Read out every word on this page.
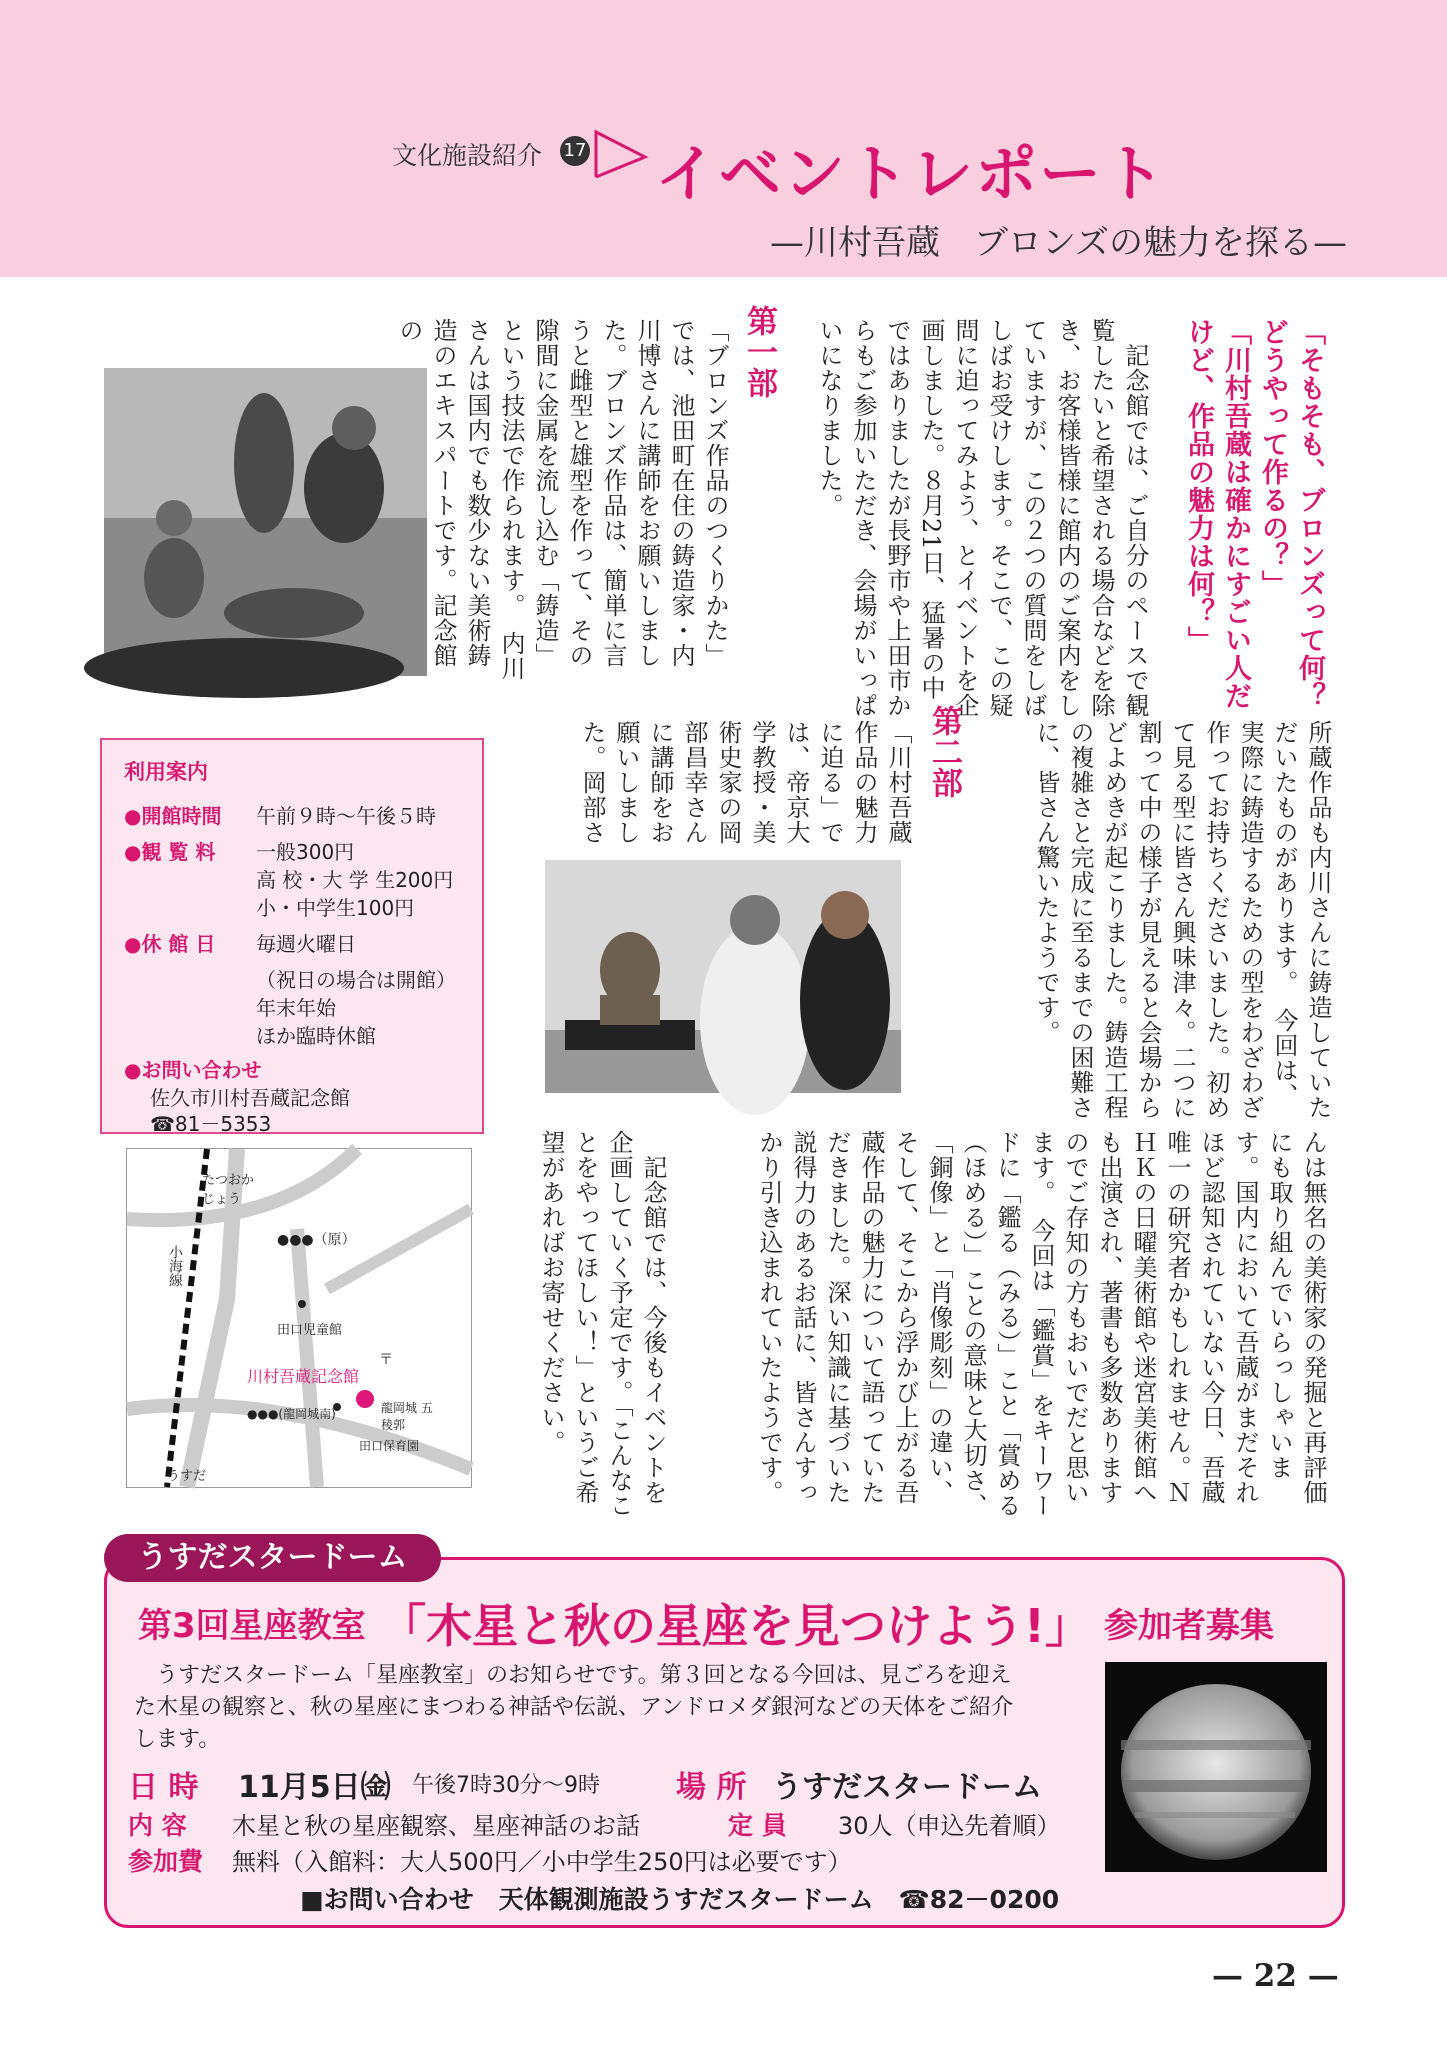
文化施設紹介 17 イベントレポート
—川村吾蔵　ブロンズの魅力を探る—
「そもそも、ブロンズって何？
どうやって作るの？」
「川村吾蔵は確かにすごい人だ
けど、作品の魅力は何？」
　記念館では、ご自分のペースで観覧したいと希望される場合などを除き、お客様皆様に館内のご案内をしていますが、この２つの質問をしばしばお受けします。そこで、この疑問に迫ってみよう、とイベントを企画しました。８月21日、猛暑の中ではありましたが長野市や上田市からもご参加いただき、会場がいっぱいになりました。
第一部
「ブロンズ作品のつくりかた」では、池田町在住の鋳造家・内川博さんに講師をお願いしました。ブロンズ作品は、簡単に言うと雌型と雄型を作って、その隙間に金属を流し込む「鋳造」という技法で作られます。　内川さんは国内でも数少ない美術鋳造のエキスパートです。記念館の
所蔵作品も内川さんに鋳造していただいたものがあります。　今回は、実際に鋳造するための型をわざわざ作ってお持ちくださいました。初めて見る型に皆さん興味津々。二つに割って中の様子が見えると会場からどよめきが起こりました。鋳造工程の複雑さと完成に至るまでの困難さに、皆さん驚いたようです。
第二部
「川村吾蔵作品の魅力に迫る」では、帝京大学教授・美術史家の岡部昌幸さんに講師をお願いしました。岡部さ
んは無名の美術家の発掘と再評価にも取り組んでいらっしゃいます。国内において吾蔵がまだそれほど認知されていない今日、吾蔵唯一の研究者かもしれません。ＮＨＫの日曜美術館や迷宮美術館へも出演され、著書も多数ありますのでご存知の方もおいでだと思います。　今回は「鑑賞」をキーワードに「鑑る（みる）」こと「賞める（ほめる）」ことの意味と大切さ、「銅像」と「肖像彫刻」の違い、そして、そこから浮かび上がる吾蔵作品の魅力について語っていただきました。深い知識に基づいた説得力のあるお話に、皆さんすっかり引き込まれていたようです。
　記念館では、今後もイベントを企画していく予定です。「こんなことをやってほしい！」というご希望があればお寄せください。
利用案内
●開館時間 午前９時〜午後５時
●観 覧 料 一般300円
高 校・大 学 生200円
小・中学生100円
●休 館 日 毎週火曜日
（祝日の場合は開館）
年末年始
ほか臨時休館
●お問い合わせ
佐久市川村吾蔵記念館
☎81－5353
たつおか じょう
小海線
●●●（原）
田口児童館
〒
川村吾蔵記念館
●●●(龍岡城南)	龍岡城 五稜郭
田口保育園
うすだ
うすだスタードーム
第3回星座教室 「木星と秋の星座を見つけよう!」 参加者募集
　うすだスタードーム「星座教室」のお知らせです。第３回となる今回は、見ごろを迎え
た木星の観察と、秋の星座にまつわる神話や伝説、アンドロメダ銀河などの天体をご紹介
します。
日 時 11月5日㈮ 午後7時30分〜9時	場 所 うすだスタードーム
内 容 木星と秋の星座観察、星座神話のお話	定 員 30人（申込先着順）
参加費 無料（入館料：大人500円／小中学生250円は必要です）
■お問い合わせ　天体観測施設うすだスタードーム　☎82－0200
— 22 —
